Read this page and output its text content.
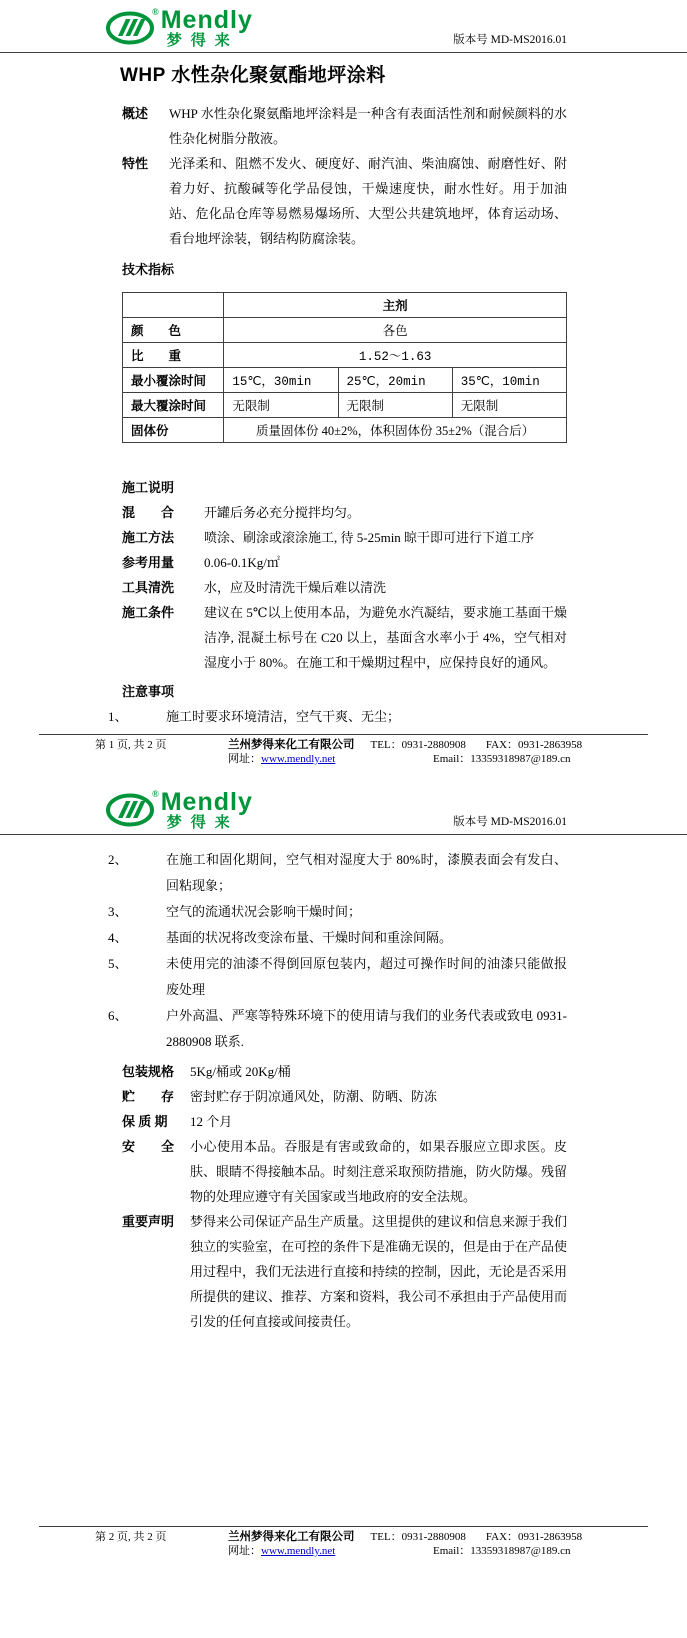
® Mendly
梦得来	版本号 MD-MS2016.01
WHP 水性杂化聚氨酯地坪涂料
概述	WHP 水性杂化聚氨酯地坪涂料是一种含有表面活性剂和耐候颜料的水性杂化树脂分散液。
特性	光泽柔和、阻燃不发火、硬度好、耐汽油、柴油腐蚀、耐磨性好、附着力好、抗酸碱等化学品侵蚀，干燥速度快，耐水性好。用于加油站、危化品仓库等易燃易爆场所、大型公共建筑地坪，体育运动场、看台地坪涂装，钢结构防腐涂装。
技术指标
	主剂		
颜　　色	各色		
比　　重	1.52～1.63		
最小覆涂时间	15℃，30min	25℃，20min	35℃，10min
最大覆涂时间	无限制	无限制	无限制
固体份	质量固体份 40±2%，体积固体份 35±2%（混合后）		
施工说明
混　　合	开罐后务必充分搅拌均匀。
施工方法	喷涂、刷涂或滚涂施工, 待 5-25min 晾干即可进行下道工序
参考用量	0.06-0.1Kg/㎡
工具清洗	水，应及时清洗干燥后难以清洗
施工条件	建议在 5℃以上使用本品，为避免水汽凝结，要求施工基面干燥洁净, 混凝土标号在 C20 以上，基面含水率小于 4%，空气相对湿度小于 80%。在施工和干燥期过程中，应保持良好的通风。
注意事项
1、	施工时要求环境清洁，空气干爽、无尘；
第 1 页, 共 2 页	兰州梦得来化工有限公司 TEL：0931-2880908 FAX：0931-2863958
网址：www.mendly.net	Email：13359318987@189.cn
® Mendly
梦得来	版本号 MD-MS2016.01
2、	在施工和固化期间，空气相对湿度大于 80%时，漆膜表面会有发白、回粘现象；
3、	空气的流通状况会影响干燥时间；
4、	基面的状况将改变涂布量、干燥时间和重涂间隔。
5、	未使用完的油漆不得倒回原包装内，超过可操作时间的油漆只能做报废处理
6、	户外高温、严寒等特殊环境下的使用请与我们的业务代表或致电 0931-2880908 联系.
包装规格	5Kg/桶或 20Kg/桶
贮　　存	密封贮存于阴凉通风处，防潮、防晒、防冻
保 质 期	12 个月
安　　全	小心使用本品。吞服是有害或致命的，如果吞服应立即求医。皮肤、眼睛不得接触本品。时刻注意采取预防措施，防火防爆。残留物的处理应遵守有关国家或当地政府的安全法规。
重要声明	梦得来公司保证产品生产质量。这里提供的建议和信息来源于我们独立的实验室，在可控的条件下是准确无误的，但是由于在产品使用过程中，我们无法进行直接和持续的控制，因此，无论是否采用所提供的建议、推荐、方案和资料，我公司不承担由于产品使用而引发的任何直接或间接责任。
第 2 页, 共 2 页	兰州梦得来化工有限公司 TEL：0931-2880908 FAX：0931-2863958
网址：www.mendly.net	Email：13359318987@189.cn
